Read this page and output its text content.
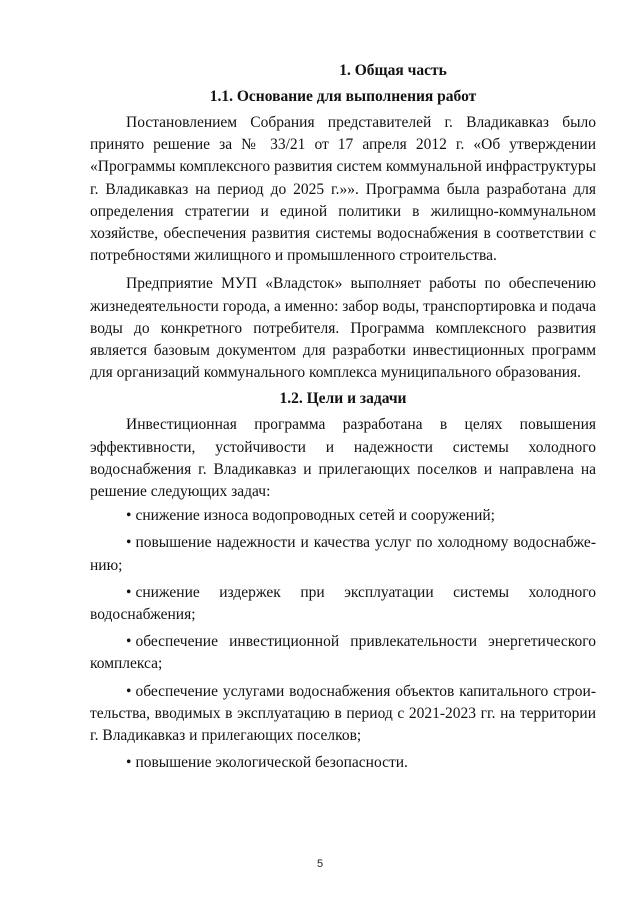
1. Общая часть
1.1. Основание для выполнения работ

Постановлением Собрания представителей г. Владикавказ было принято решение за № 33/21 от 17 апреля 2012 г. «Об утверждении «Программы комплексного развития систем коммунальной инфраструктуры г. Владикавказ на период до 2025 г.»». Программа была разработана для определения стратегии и единой политики в жилищно-коммунальном хозяйстве, обеспечения развития системы водоснабжения в соответствии с потребностями жилищного и промышленного строительства.

Предприятие МУП «Владсток» выполняет работы по обеспечению жизнедеятельности города, а именно: забор воды, транспортировка и подача воды до конкретного потребителя. Программа комплексного развития является базовым документом для разработки инвестиционных программ для организаций коммунального комплекса муниципального образования.

1.2. Цели и задачи

Инвестиционная программа разработана в целях повышения эффективности, устойчивости и надежности системы холодного водоснабжения г. Владикавказ и прилегающих поселков и направлена на решение следующих задач:

• снижение износа водопроводных сетей и сооружений;
• повышение надежности и качества услуг по холодному водоснабжению;
• снижение издержек при эксплуатации системы холодного водоснабжения;
• обеспечение инвестиционной привлекательности энергетического комплекса;
• обеспечение услугами водоснабжения объектов капитального строительства, вводимых в эксплуатацию в период с 2021-2023 гг. на территории г. Владикавказ и прилегающих поселков;
• повышение экологической безопасности.
5
